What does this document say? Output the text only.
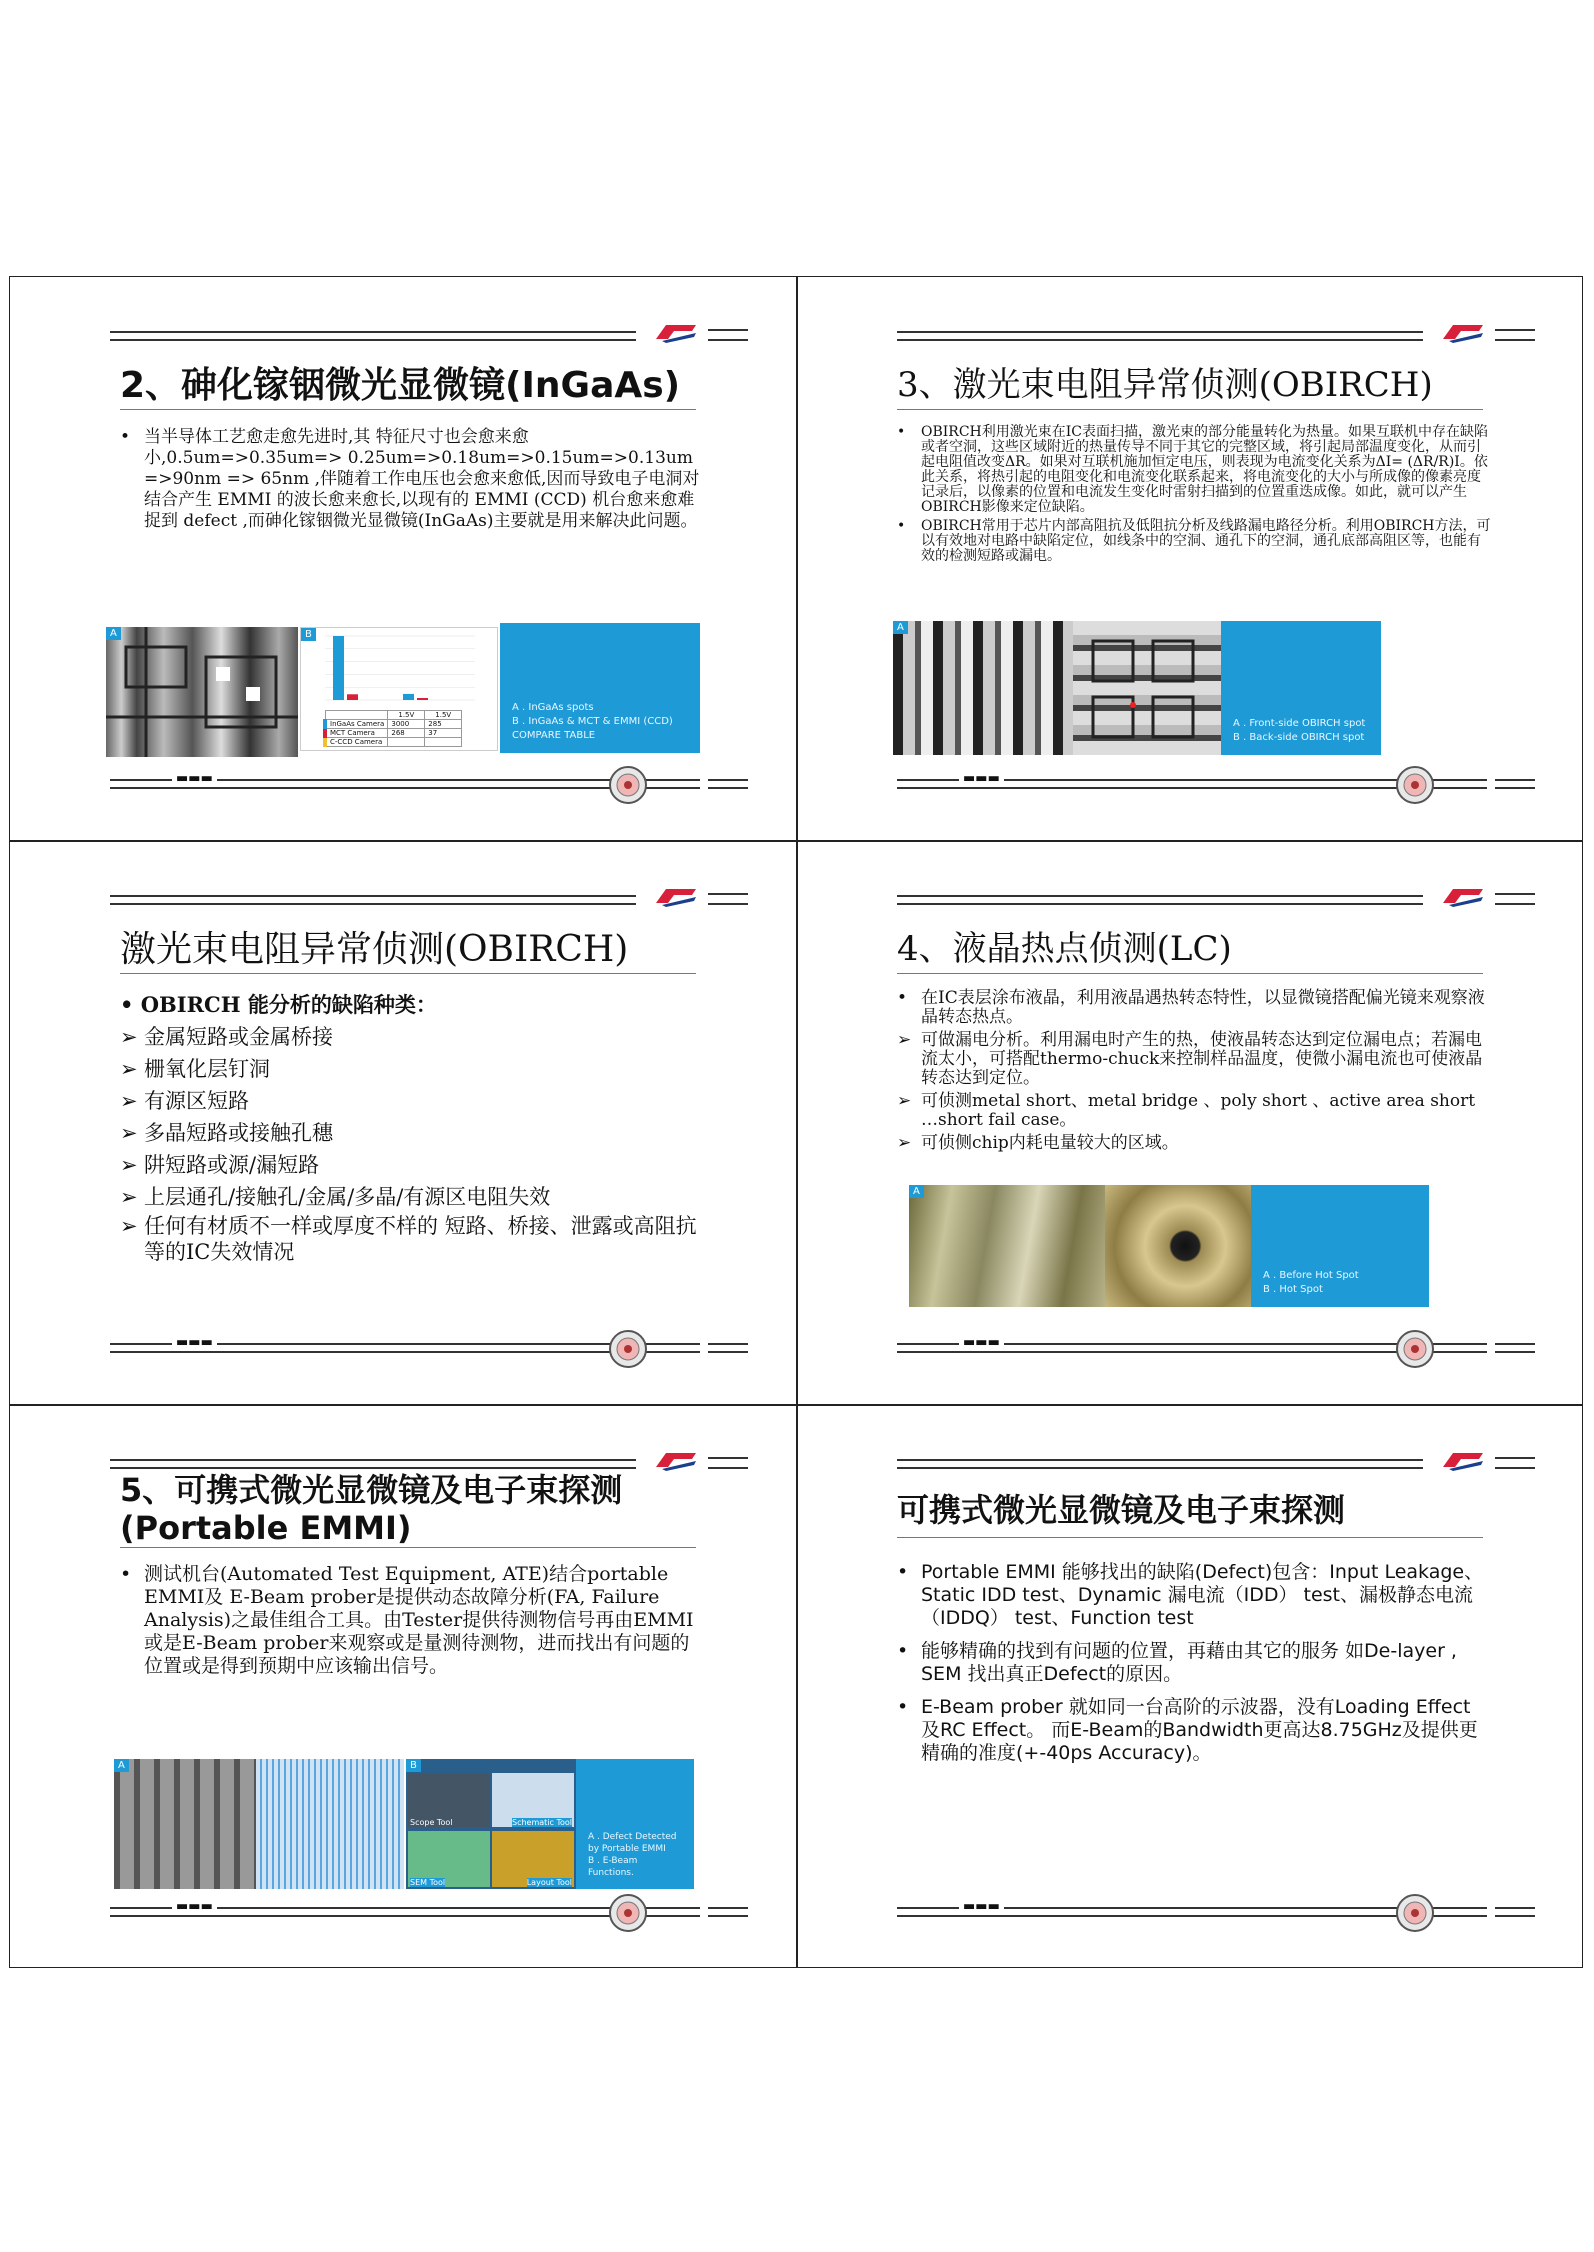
2、砷化镓铟微光显微镜(InGaAs)
• 当半导体工艺愈走愈先进时,其 特征尺寸也会愈来愈小,0.5um=>0.35um=> 0.25um=>0.18um=>0.15um=>0.13um =>90nm => 65nm ,伴随着工作电压也会愈来愈低,因而导致电子电洞对结合产生 EMMI 的波长愈来愈长,以现有的 EMMI (CCD) 机台愈来愈难捉到 defect ,而砷化镓铟微光显微镜(InGaAs)主要就是用来解决此问题。
A	B
	1.5V	1.5V
InGaAs Camera	3000	285
MCT Camera	268	37
C-CCD Camera		
A . InGaAs spots
B . InGaAs & MCT & EMMI (CCD) COMPARE TABLE
▬▬▬
3、激光束电阻异常侦测(OBIRCH)
• OBIRCH利用激光束在IC表面扫描，激光束的部分能量转化为热量。如果互联机中存在缺陷或者空洞，这些区域附近的热量传导不同于其它的完整区域，将引起局部温度变化，从而引起电阻值改变ΔR。如果对互联机施加恒定电压，则表现为电流变化关系为ΔI= (ΔR/R)I。依此关系，将热引起的电阻变化和电流变化联系起来，将电流变化的大小与所成像的像素亮度记录后，以像素的位置和电流发生变化时雷射扫描到的位置重迭成像。如此，就可以产生OBIRCH影像来定位缺陷。
• OBIRCH常用于芯片内部高阻抗及低阻抗分析及线路漏电路径分析。利用OBIRCH方法，可以有效地对电路中缺陷定位，如线条中的空洞、通孔下的空洞，通孔底部高阻区等，也能有效的检测短路或漏电。
A
A . Front-side OBIRCH spot
B . Back-side OBIRCH spot
▬▬▬
激光束电阻异常侦测(OBIRCH)
• OBIRCH 能分析的缺陷种类：
➢ 金属短路或金属桥接
➢ 栅氧化层钉洞
➢ 有源区短路
➢ 多晶短路或接触孔穗
➢ 阱短路或源/漏短路
➢ 上层通孔/接触孔/金属/多晶/有源区电阻失效
➢ 任何有材质不一样或厚度不样的 短路、桥接、泄露或高阻抗等的IC失效情况
▬▬▬
4、液晶热点侦测(LC)
• 在IC表层涂布液晶，利用液晶遇热转态特性，以显微镜搭配偏光镜来观察液晶转态热点。
➢ 可做漏电分析。利用漏电时产生的热，使液晶转态达到定位漏电点；若漏电流太小，可搭配thermo-chuck来控制样品温度，使微小漏电流也可使液晶转态达到定位。
➢ 可侦测metal short、metal bridge 、poly short 、active area short …short fail case。
➢ 可侦侧chip内耗电量较大的区域。
A
A . Before Hot Spot
B . Hot Spot
▬▬▬
5、可携式微光显微镜及电子束探测 (Portable EMMI)
• 测试机台(Automated Test Equipment, ATE)结合portable EMMI及 E-Beam prober是提供动态故障分析(FA, Failure Analysis)之最佳组合工具。由Tester提供待测物信号再由EMMI 或是E-Beam prober来观察或是量测待测物，进而找出有问题的位置或是得到预期中应该输出信号。
A	B
Scope Tool	Schematic Tool
SEM Tool	Layout Tool
A . Defect Detected by Portable EMMI
B . E-Beam Functions.
▬▬▬
可携式微光显微镜及电子束探测
• Portable EMMI 能够找出的缺陷(Defect)包含：Input Leakage、Static IDD test、Dynamic 漏电流（IDD） test、漏极静态电流（IDDQ） test、Function test
• 能够精确的找到有问题的位置，再藉由其它的服务 如De-layer , SEM 找出真正Defect的原因。
• E-Beam prober 就如同一台高阶的示波器，没有Loading Effect及RC Effect。 而E-Beam的Bandwidth更高达8.75GHz及提供更精确的准度(+-40ps Accuracy)。
▬▬▬
